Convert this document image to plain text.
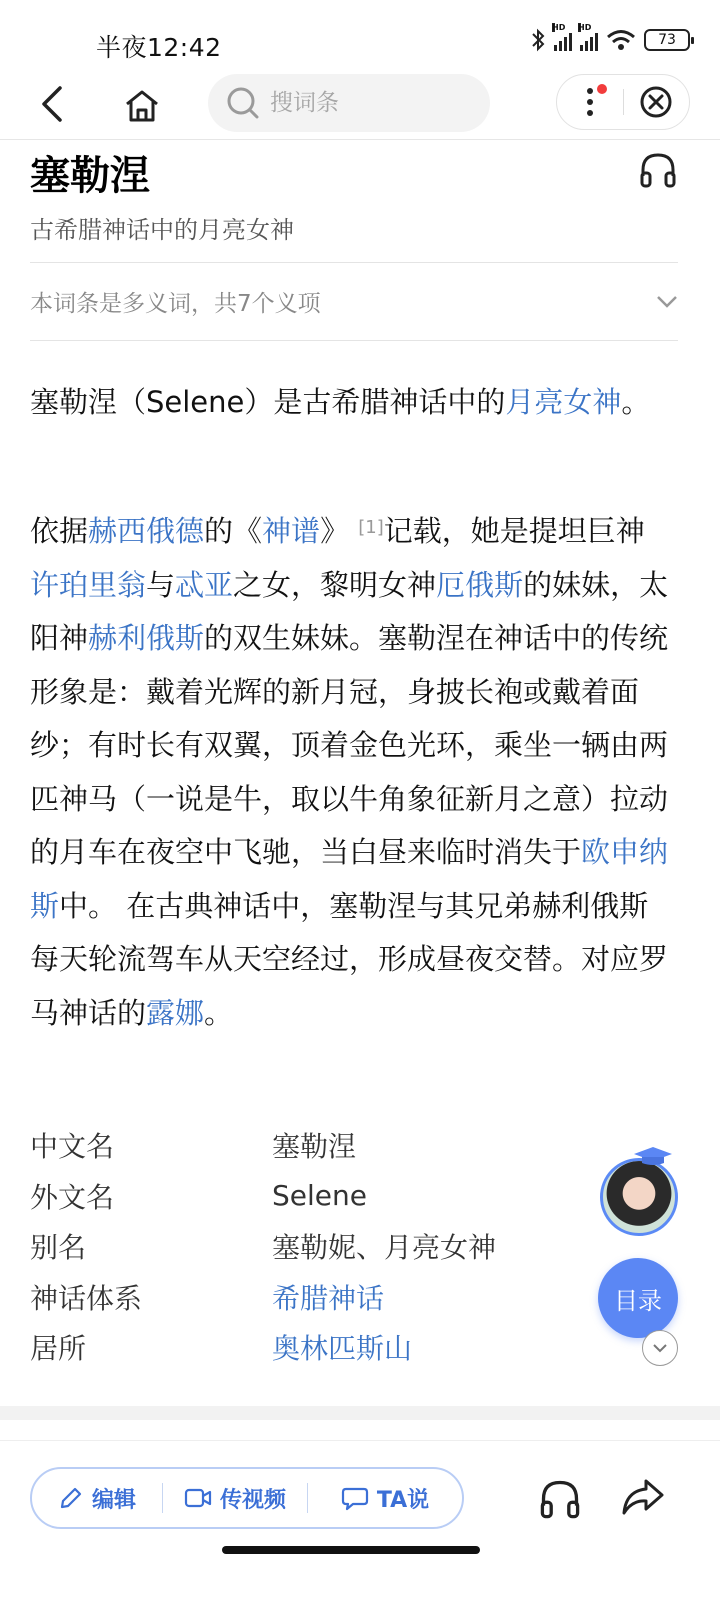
半夜12:42
HD HD
73
搜词条
塞勒涅
古希腊神话中的月亮女神
本词条是多义词，共7个义项

塞勒涅（Selene）是古希腊神话中的月亮女神。

依据赫西俄德的《神谱》 [1]记载，她是提坦巨神许珀里翁与忒亚之女，黎明女神厄俄斯的妹妹，太阳神赫利俄斯的双生妹妹。塞勒涅在神话中的传统形象是：戴着光辉的新月冠，身披长袍或戴着面纱；有时长有双翼，顶着金色光环，乘坐一辆由两匹神马（一说是牛，取以牛角象征新月之意）拉动的月车在夜空中飞驰，当白昼来临时消失于欧申纳斯中。 在古典神话中，塞勒涅与其兄弟赫利俄斯每天轮流驾车从天空经过，形成昼夜交替。对应罗马神话的露娜。

中文名	塞勒涅
外文名	Selene
别名	塞勒妮、月亮女神
神话体系	希腊神话
居所	奥林匹斯山
目录
编辑	传视频	TA说
